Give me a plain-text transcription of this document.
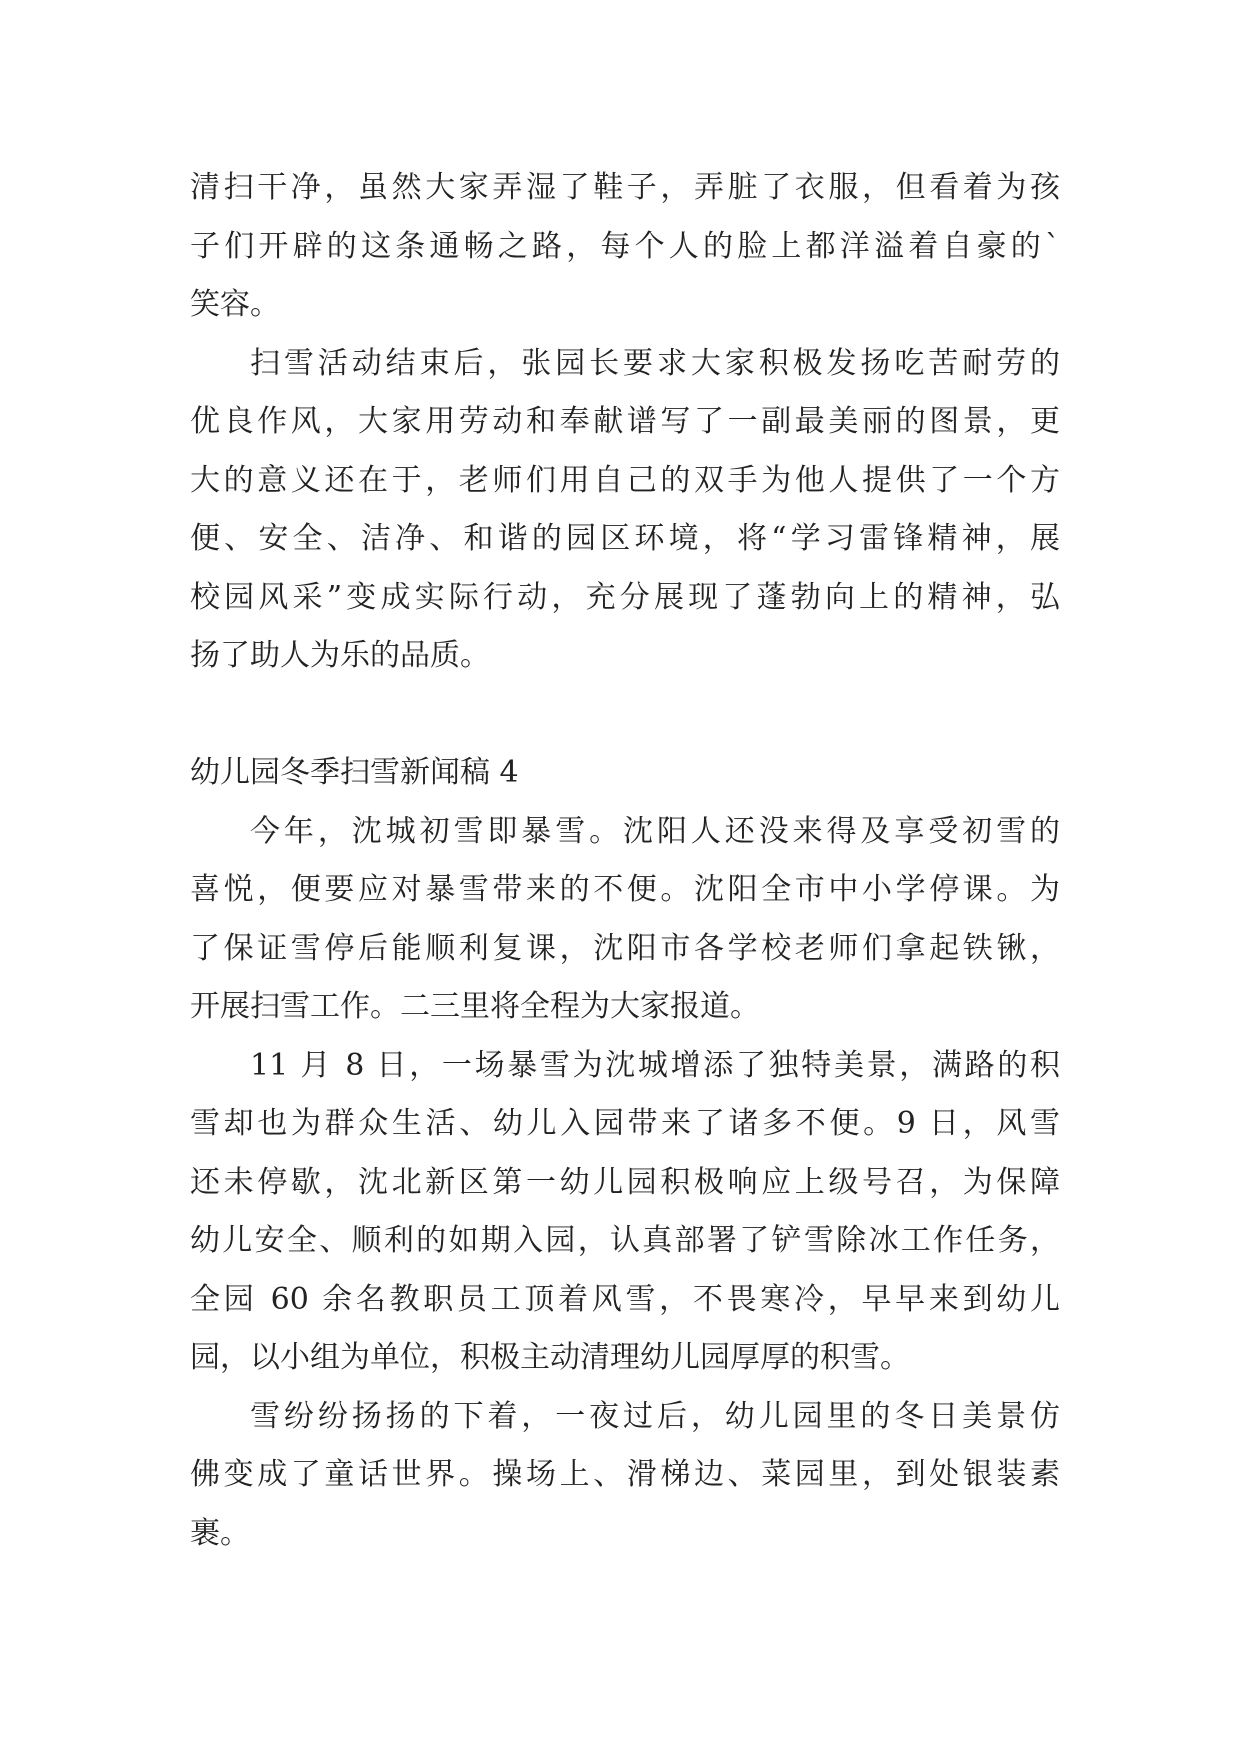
清扫干净，虽然大家弄湿了鞋子，弄脏了衣服，但看着为孩
子们开辟的这条通畅之路，每个人的脸上都洋溢着自豪的`
笑容。
扫雪活动结束后，张园长要求大家积极发扬吃苦耐劳的
优良作风，大家用劳动和奉献谱写了一副最美丽的图景，更
大的意义还在于，老师们用自己的双手为他人提供了一个方
便、安全、洁净、和谐的园区环境，将“学习雷锋精神，展
校园风采”变成实际行动，充分展现了蓬勃向上的精神，弘
扬了助人为乐的品质。
幼儿园冬季扫雪新闻稿 4
今年，沈城初雪即暴雪。沈阳人还没来得及享受初雪的
喜悦，便要应对暴雪带来的不便。沈阳全市中小学停课。为
了保证雪停后能顺利复课，沈阳市各学校老师们拿起铁锹，
开展扫雪工作。二三里将全程为大家报道。
11 月 8 日，一场暴雪为沈城增添了独特美景，满路的积
雪却也为群众生活、幼儿入园带来了诸多不便。9 日，风雪
还未停歇，沈北新区第一幼儿园积极响应上级号召，为保障
幼儿安全、顺利的如期入园，认真部署了铲雪除冰工作任务，
全园 60 余名教职员工顶着风雪，不畏寒冷，早早来到幼儿
园，以小组为单位，积极主动清理幼儿园厚厚的积雪。
雪纷纷扬扬的下着，一夜过后，幼儿园里的冬日美景仿
佛变成了童话世界。操场上、滑梯边、菜园里，到处银装素
裹。
